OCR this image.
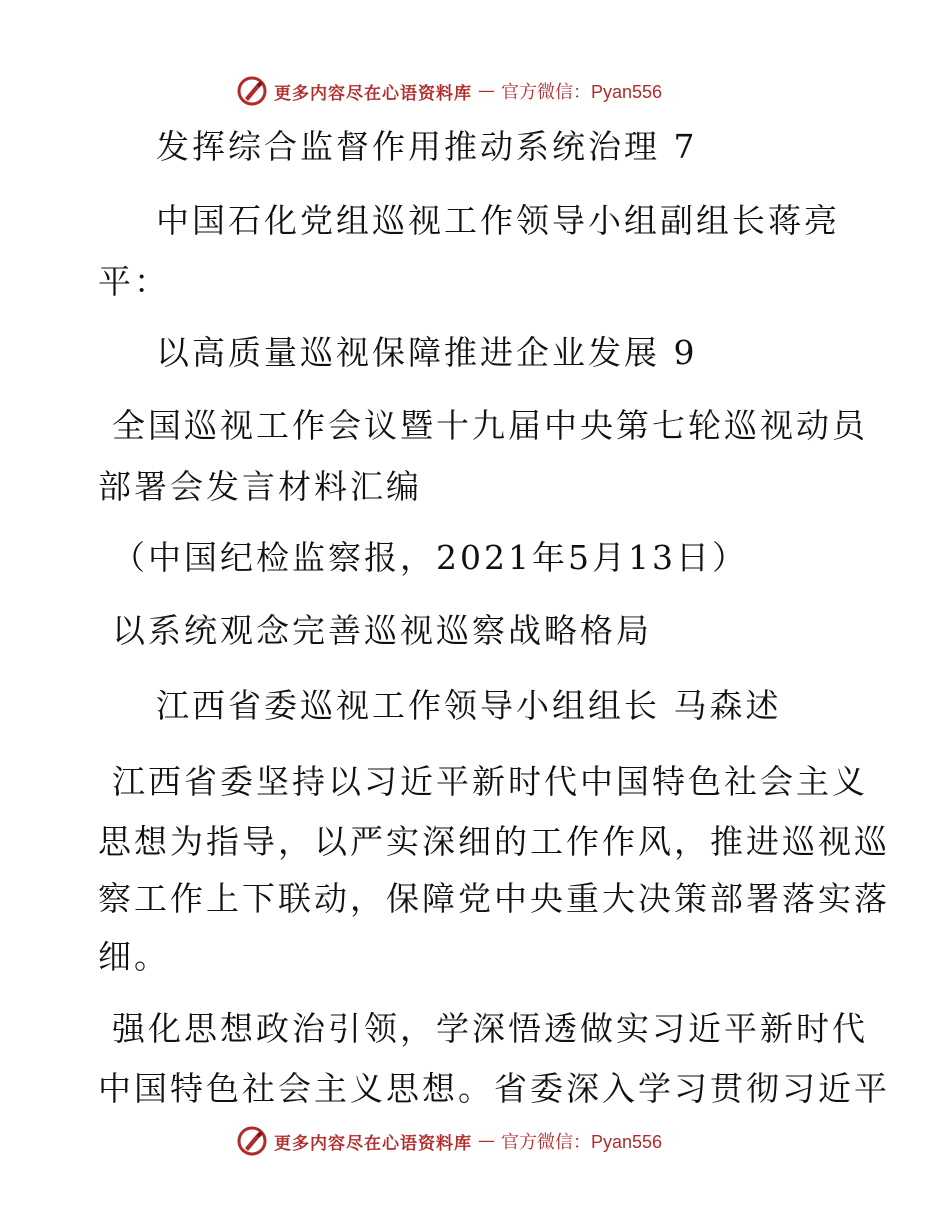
更多内容尽在心语资料库 — 官方微信：Pyan556
发挥综合监督作用推动系统治理 7
中国石化党组巡视工作领导小组副组长蒋亮
平：
以高质量巡视保障推进企业发展 9
全国巡视工作会议暨十九届中央第七轮巡视动员
部署会发言材料汇编
（中国纪检监察报，2021年5月13日）
以系统观念完善巡视巡察战略格局
江西省委巡视工作领导小组组长 马森述
江西省委坚持以习近平新时代中国特色社会主义
思想为指导，以严实深细的工作作风，推进巡视巡
察工作上下联动，保障党中央重大决策部署落实落
细。
强化思想政治引领，学深悟透做实习近平新时代
中国特色社会主义思想。省委深入学习贯彻习近平
更多内容尽在心语资料库 — 官方微信：Pyan556
